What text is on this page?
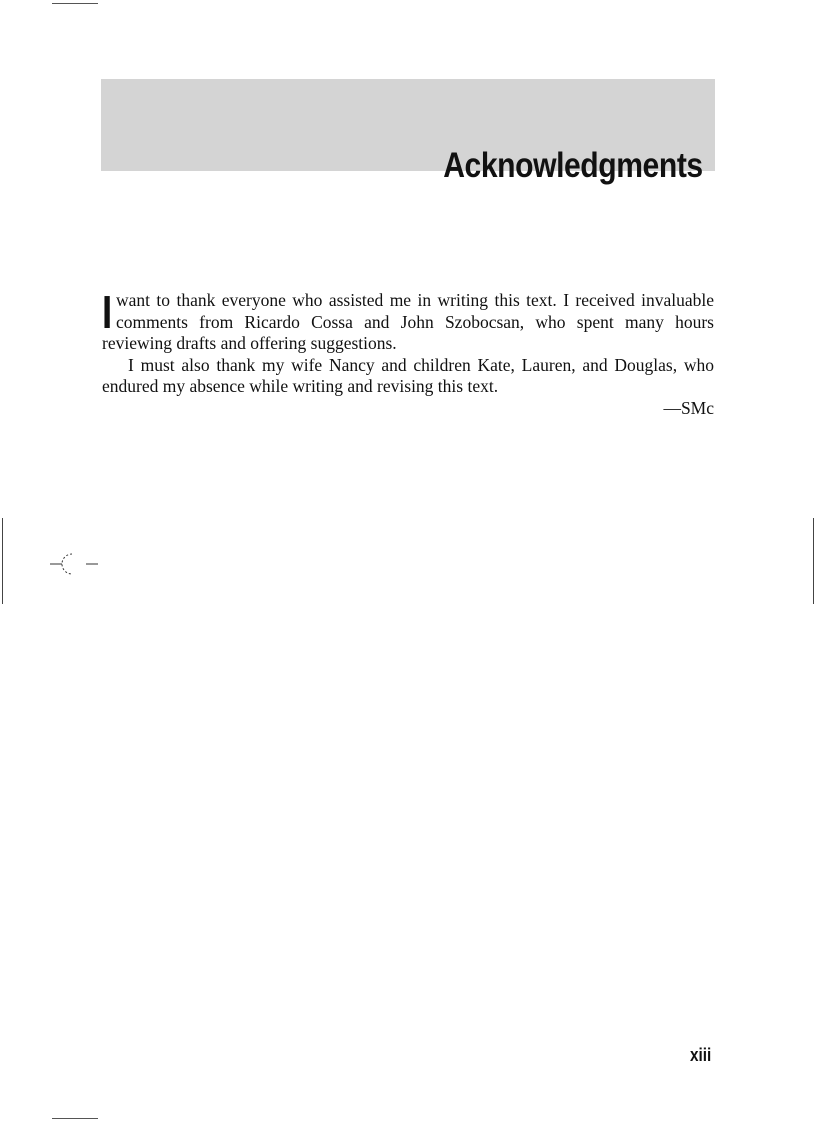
Acknowledgments

I want to thank everyone who assisted me in writing this text. I received invaluable comments from Ricardo Cossa and John Szobocsan, who spent many hours reviewing drafts and offering suggestions.

I must also thank my wife Nancy and children Kate, Lauren, and Douglas, who endured my absence while writing and revising this text.

—SMc

xiii
